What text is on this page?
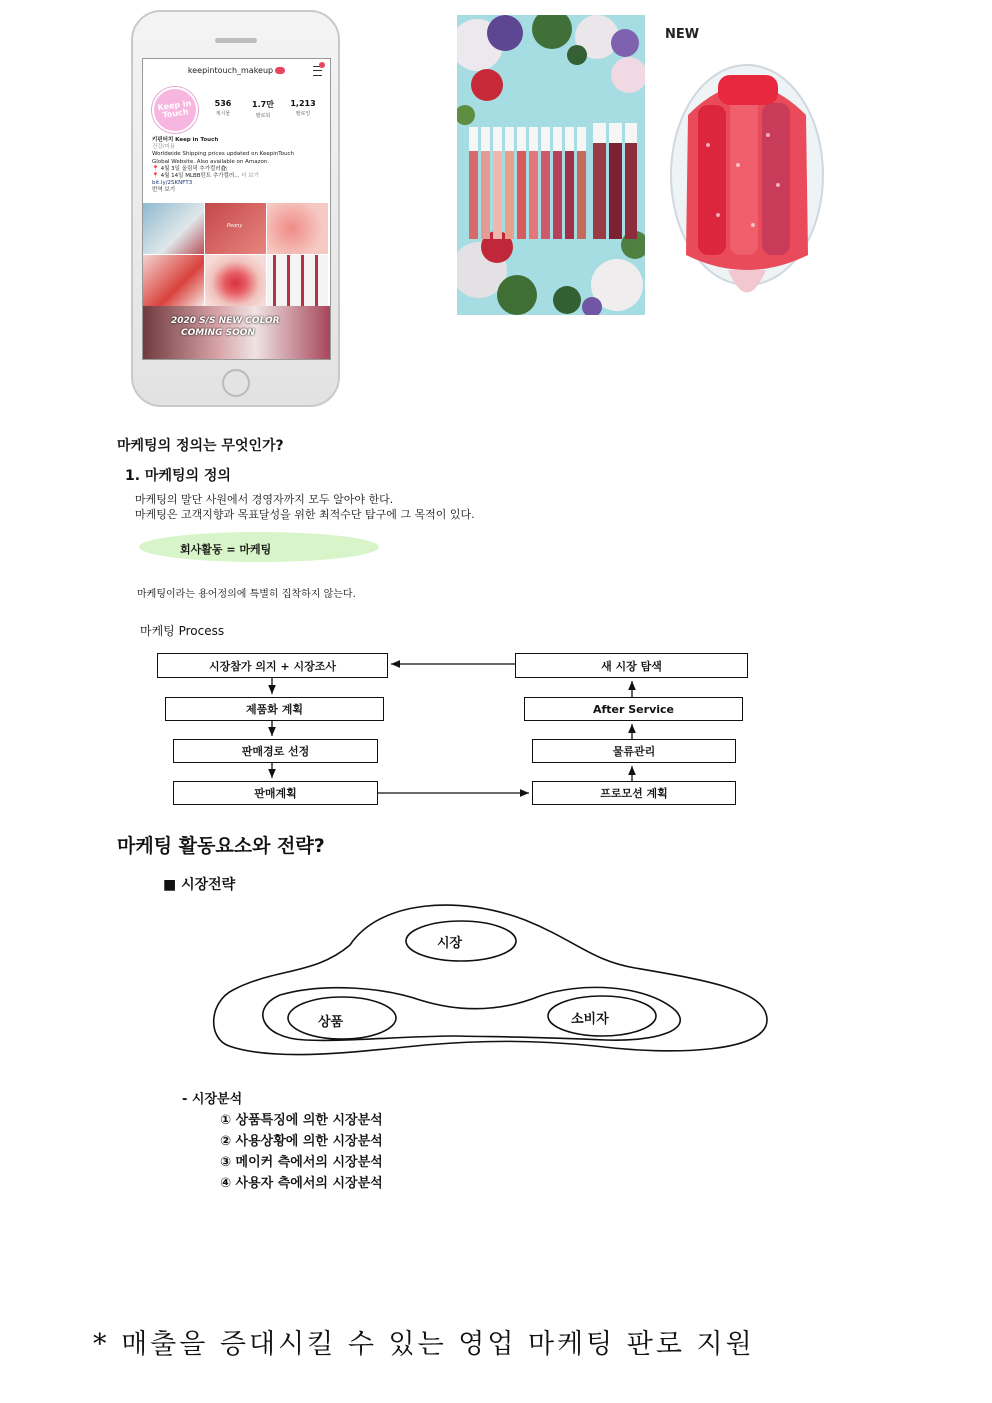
keepintouch_makeup
Keep in Touch
536
게시물
1.7만
팔로워
1,213
팔로잉
키핀터치 Keep in Touch
건강/미용
Worldwide Shipping prices updated on KeepinTouch
Global Website. Also available on Amazon.
📍 4월 3일 올림픽 추가컬러🛍
📍 4월 14일 MLBB틴트 추가컬러... 더 보기
bit.ly/2SKNFT3
번역 보기
Peony
2020 S/S NEW COLOR
COMING SOON
NEW
마케팅의 정의는 무엇인가?
1. 마케팅의 정의
마케팅의 말단 사원에서 경영자까지 모두 알아야 한다.
마케팅은 고객지향과 목표달성을 위한 최적수단 탐구에 그 목적이 있다.
회사활동 = 마케팅
마케팅이라는 용어정의에 특별히 집착하지 않는다.
마케팅 Process
시장참가 의지 + 시장조사
제품화 계획
판매경로 선정
판매계획
새 시장 탐색
After Service
물류관리
프로모션 계획
마케팅 활동요소와 전략?
■ 시장전략
시장
상품	소비자
- 시장분석
① 상품특징에 의한 시장분석
② 사용상황에 의한 시장분석
③ 메이커 측에서의 시장분석
④ 사용자 측에서의 시장분석
* 매출을 증대시킬 수 있는 영업 마케팅 판로 지원
